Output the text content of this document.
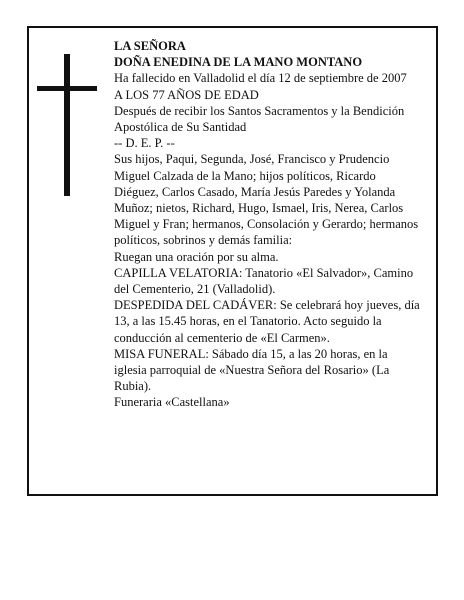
LA SEÑORA

DOÑA ENEDINA DE LA MANO MONTANO

Ha fallecido en Valladolid el día 12 de septiembre de 2007

A LOS 77 AÑOS DE EDAD

Después de recibir los Santos Sacramentos y la Bendición Apostólica de Su Santidad

-- D. E. P. --

Sus hijos, Paqui, Segunda, José, Francisco y Prudencio Miguel Calzada de la Mano; hijos políticos, Ricardo Diéguez, Carlos Casado, María Jesús Paredes y Yolanda Muñoz; nietos, Richard, Hugo, Ismael, Iris, Nerea, Carlos Miguel y Fran; hermanos, Consolación y Gerardo; hermanos políticos, sobrinos y demás familia:

Ruegan una oración por su alma.

CAPILLA VELATORIA: Tanatorio «El Salvador», Camino del Cementerio, 21 (Valladolid).

DESPEDIDA DEL CADÁVER: Se celebrará hoy jueves, día 13, a las 15.45 horas, en el Tanatorio. Acto seguido la conducción al cementerio de «El Carmen».

MISA FUNERAL: Sábado día 15, a las 20 horas, en la iglesia parroquial de «Nuestra Señora del Rosario» (La Rubia).

Funeraria «Castellana»
